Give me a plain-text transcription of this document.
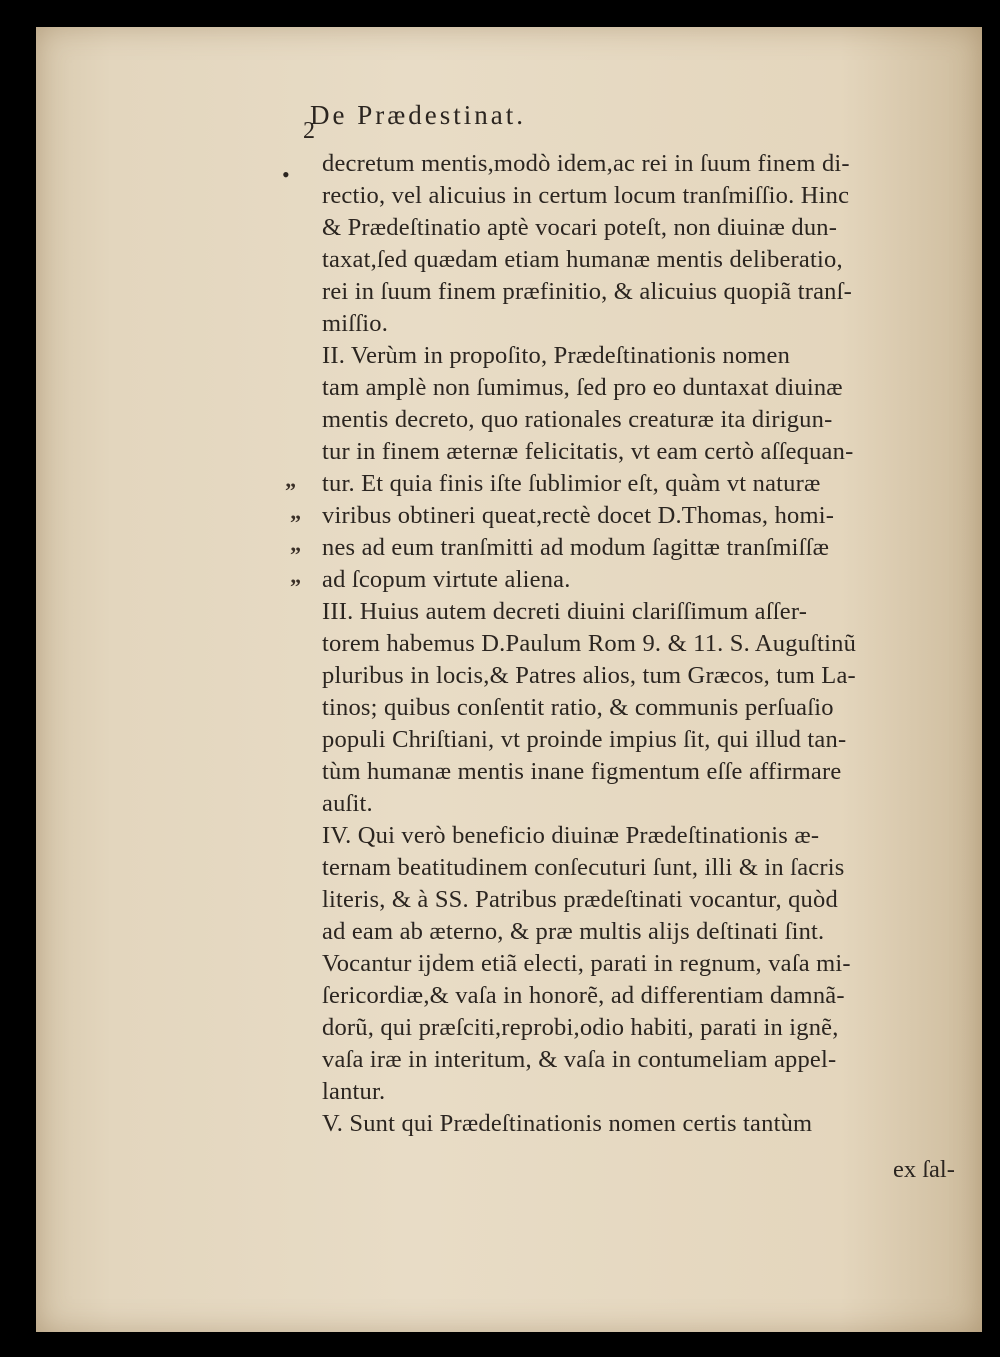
2
De Prædestinat.
• decretum mentis,modò idem,ac rei in ſuum finem di-
rectio, vel alicuius in certum locum tranſmiſſio. Hinc
& Prædeſtinatio aptè vocari poteſt, non diuinæ dun-
taxat,ſed quædam etiam humanæ mentis deliberatio,
rei in ſuum finem præfinitio, & alicuius quopiã tranſ-
miſſio.
II. Verùm in propoſito, Prædeſtinationis nomen
tam amplè non ſumimus, ſed pro eo duntaxat diuinæ
mentis decreto, quo rationales creaturæ ita dirigun-
tur in finem æternæ felicitatis, vt eam certò aſſequan-
tur. Et quia finis iſte ſublimior eſt, quàm vt naturæ
viribus obtineri queat,rectè docet D.Thomas, homi-
nes ad eum tranſmitti ad modum ſagittæ tranſmiſſæ
ad ſcopum virtute aliena.
III. Huius autem decreti diuini clariſſimum aſſer-
torem habemus D.Paulum Rom 9. & 11. S. Auguſtinũ
pluribus in locis,& Patres alios, tum Græcos, tum La-
tinos; quibus conſentit ratio, & communis perſuaſio
populi Chriſtiani, vt proinde impius ſit, qui illud tan-
tùm humanæ mentis inane figmentum eſſe affirmare
auſit.
IV. Qui verò beneficio diuinæ Prædeſtinationis æ-
ternam beatitudinem conſecuturi ſunt, illi & in ſacris
literis, & à SS. Patribus prædeſtinati vocantur, quòd
ad eam ab æterno, & præ multis alijs deſtinati ſint.
Vocantur ijdem etiã electi, parati in regnum, vaſa mi-
ſericordiæ,& vaſa in honorẽ, ad differentiam damnã-
dorũ, qui præſciti,reprobi,odio habiti, parati in ignẽ,
vaſa iræ in interitum, & vaſa in contumeliam appel-
lantur.
V. Sunt qui Prædeſtinationis nomen certis tantùm
ex ſal-
”
”
”
”
